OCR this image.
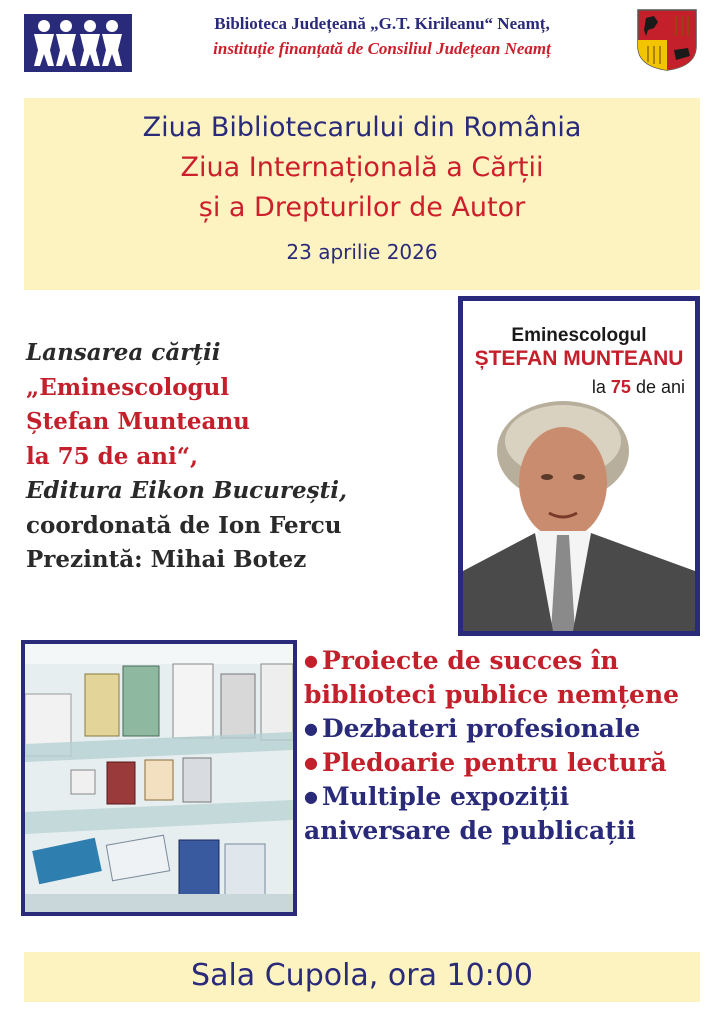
Biblioteca Județeană „G.T. Kirileanu“ Neamț,
instituție finanțată de Consiliul Județean Neamț
Ziua Bibliotecarului din România
Ziua Internațională a Cărții
și a Drepturilor de Autor
23 aprilie 2026
Lansarea cărții
„Eminescologul
Ștefan Munteanu
la 75 de ani“,
Editura Eikon București,
coordonată de Ion Fercu
Prezintă: Mihai Botez
Eminescologul
ȘTEFAN MUNTEANU
la 75 de ani
● Proiecte de succes în biblioteci publice nemțene
● Dezbateri profesionale
● Pledoarie pentru lectură
● Multiple expoziții aniversare de publicații
Sala Cupola, ora 10:00
